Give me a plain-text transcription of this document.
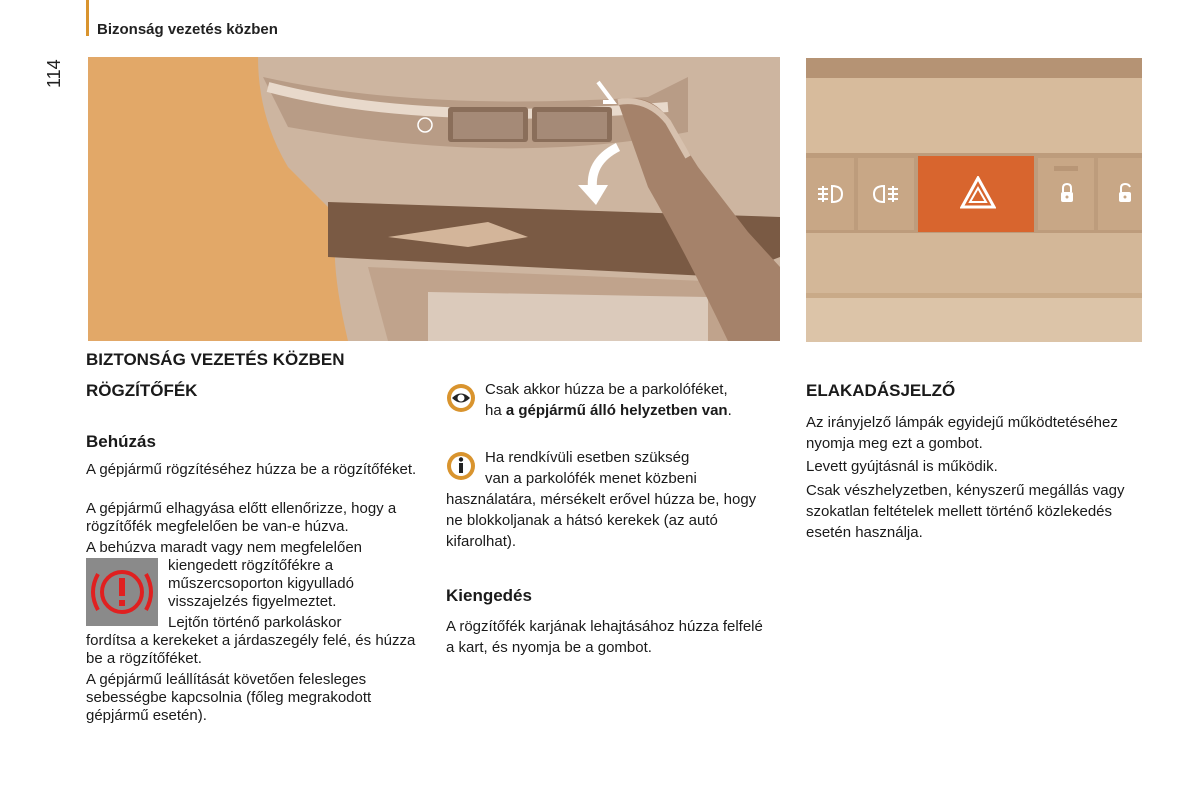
Bizonság vezetés közben
114
BIZTONSÁG VEZETÉS KÖZBEN
RÖGZÍTŐFÉK
Behúzás
A gépjármű rögzítéséhez húzza be a rögzítőféket.
A gépjármű elhagyása előtt ellenőrizze, hogy a rögzítőfék megfelelően be van-e húzva.
A behúzva maradt vagy nem megfelelően
kiengedett rögzítőfékre a
műszercsoporton kigyulladó
visszajelzés figyelmeztet.
Lejtőn történő parkoláskor
fordítsa a kerekeket a járdaszegély felé, és húzza be a rögzítőféket.
A gépjármű leállítását követően felesleges sebességbe kapcsolnia (főleg megrakodott gépjármű esetén).
Csak akkor húzza be a parkolóféket,
ha a gépjármű álló helyzetben van.
Ha rendkívüli esetben szükség
van a parkolófék menet közbeni
használatára, mérsékelt erővel húzza be, hogy ne blokkoljanak a hátsó kerekek (az autó kifarolhat).
Kiengedés
A rögzítőfék karjának lehajtásához húzza felfelé a kart, és nyomja be a gombot.
ELAKADÁSJELZŐ
Az irányjelző lámpák egyidejű működtetéséhez nyomja meg ezt a gombot.
Levett gyújtásnál is működik.
Csak vészhelyzetben, kényszerű megállás vagy szokatlan feltételek mellett történő közlekedés esetén használja.
